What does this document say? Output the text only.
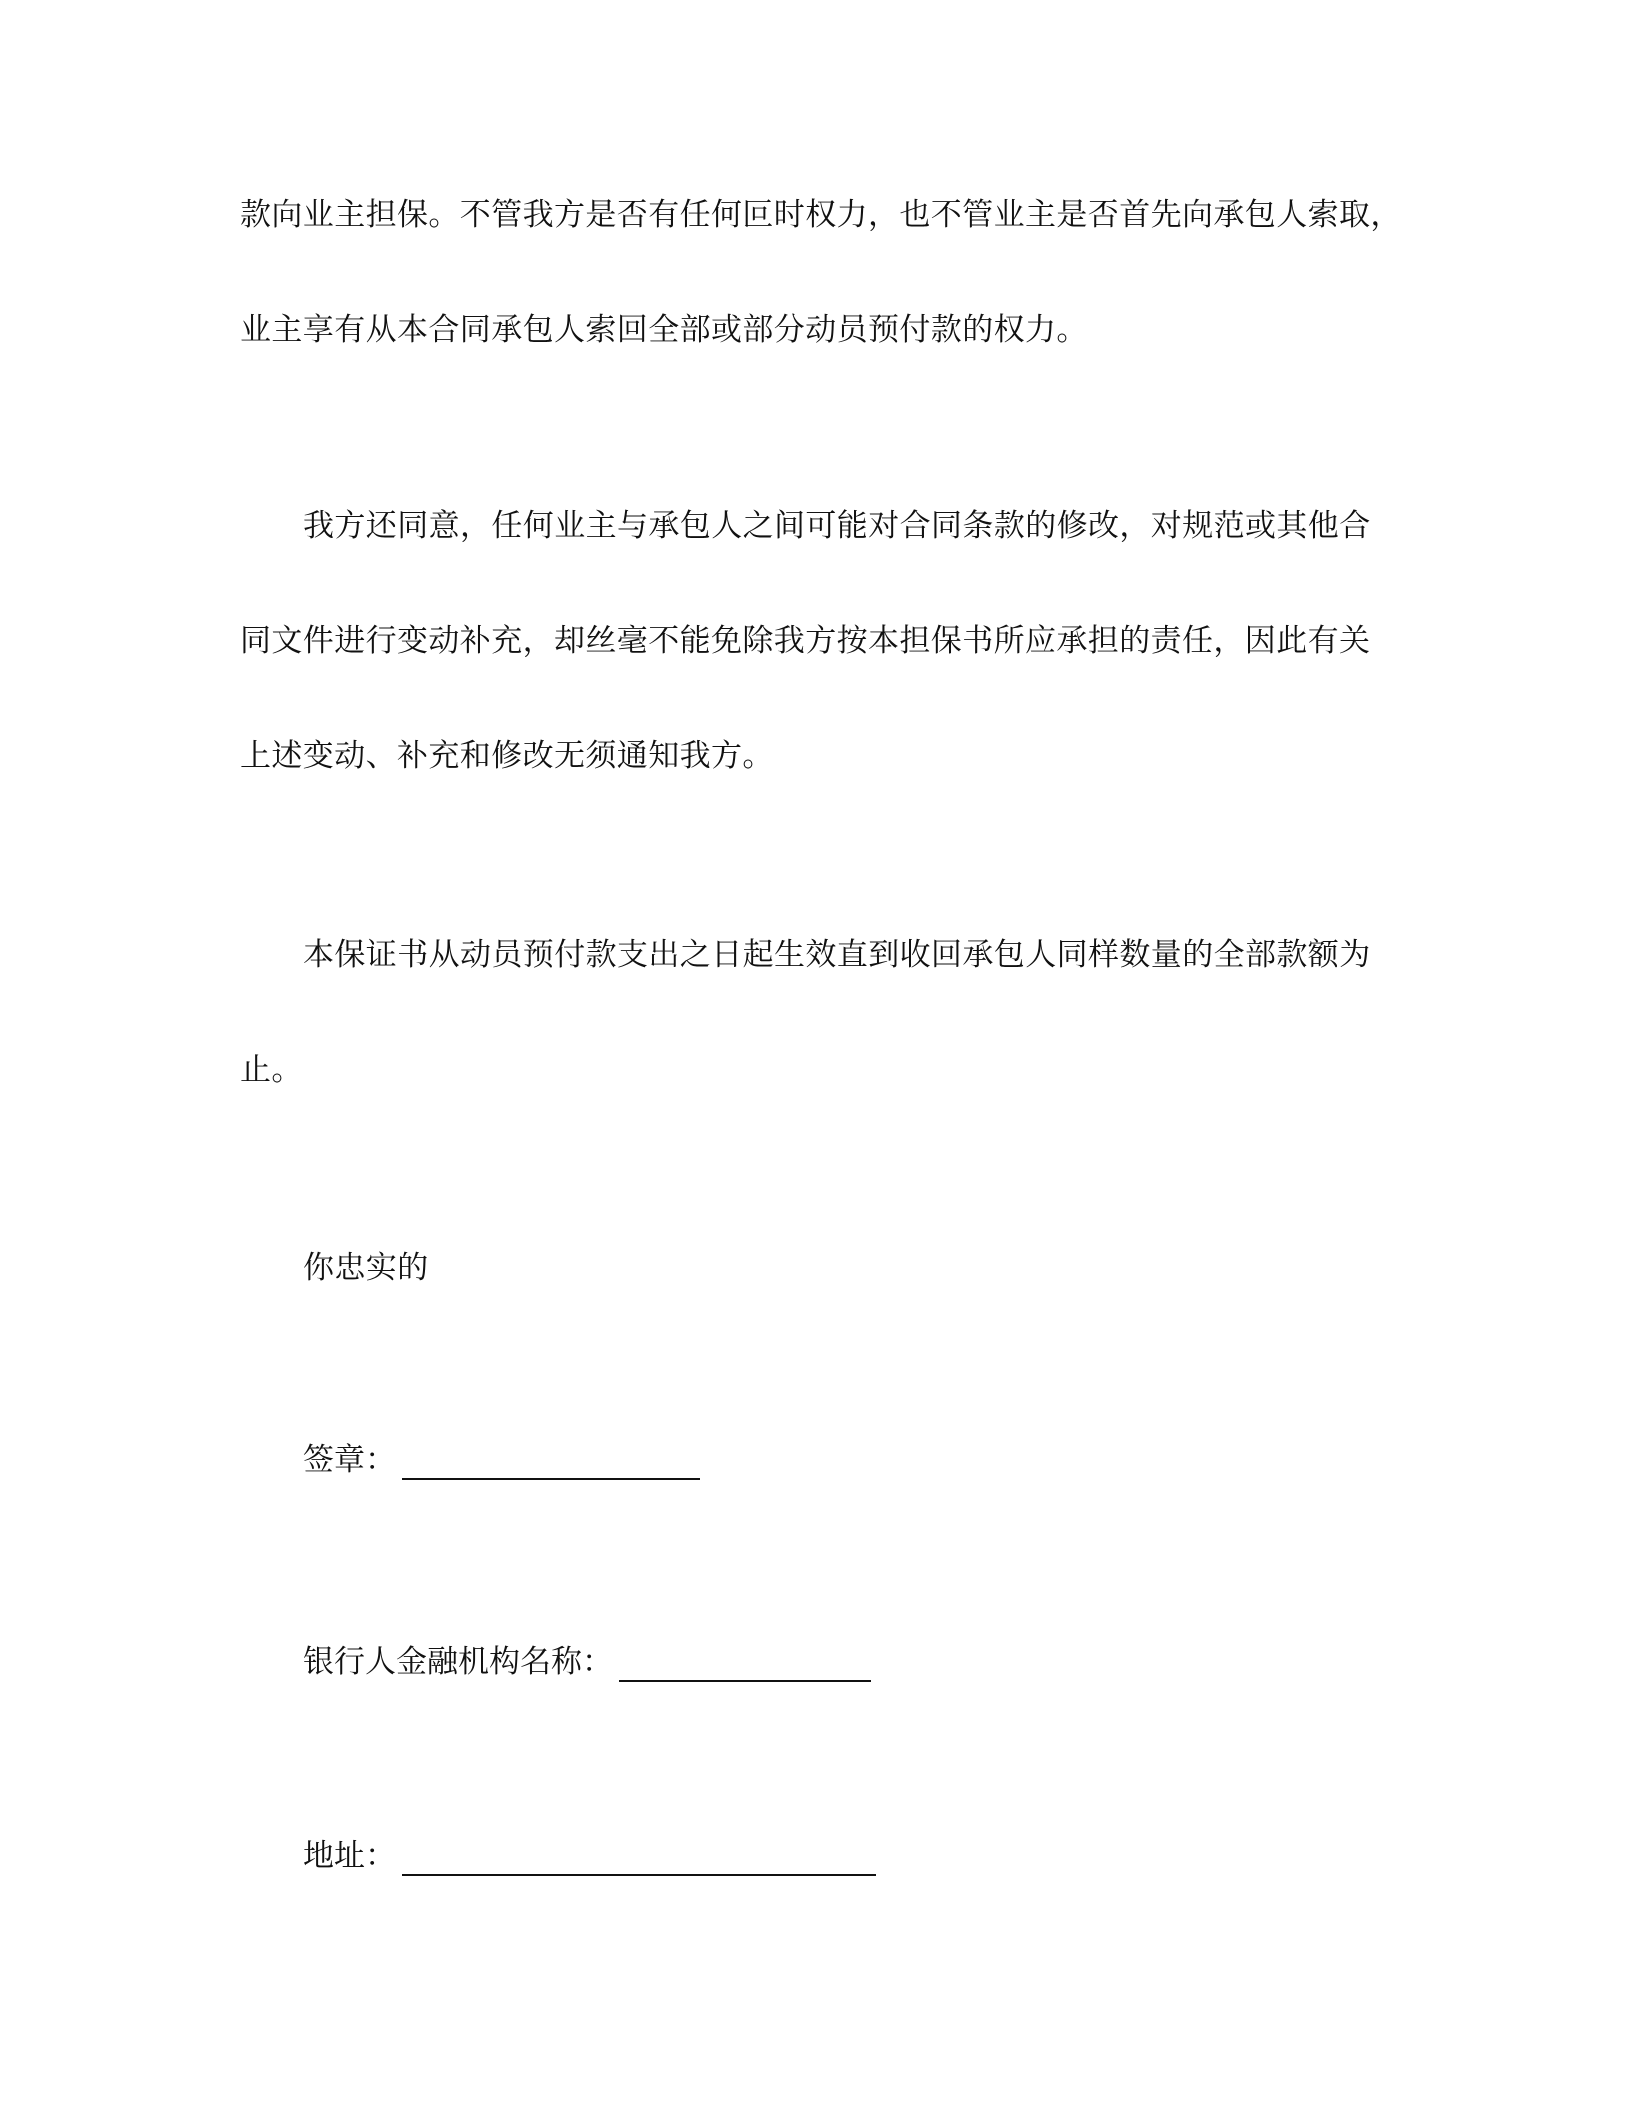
款向业主担保。不管我方是否有任何叵时权力，也不管业主是否首先向承包人索取，
业主享有从本合同承包人索回全部或部分动员预付款的权力。
我方还同意，任何业主与承包人之间可能对合同条款的修改，对规范或其他合
同文件进行变动补充，却丝毫不能免除我方按本担保书所应承担的责任，因此有关
上述变动、补充和修改无须通知我方。
本保证书从动员预付款支出之日起生效直到收回承包人同样数量的全部款额为
止。
你忠实的
签章：
银行人金融机构名称：
地址：
